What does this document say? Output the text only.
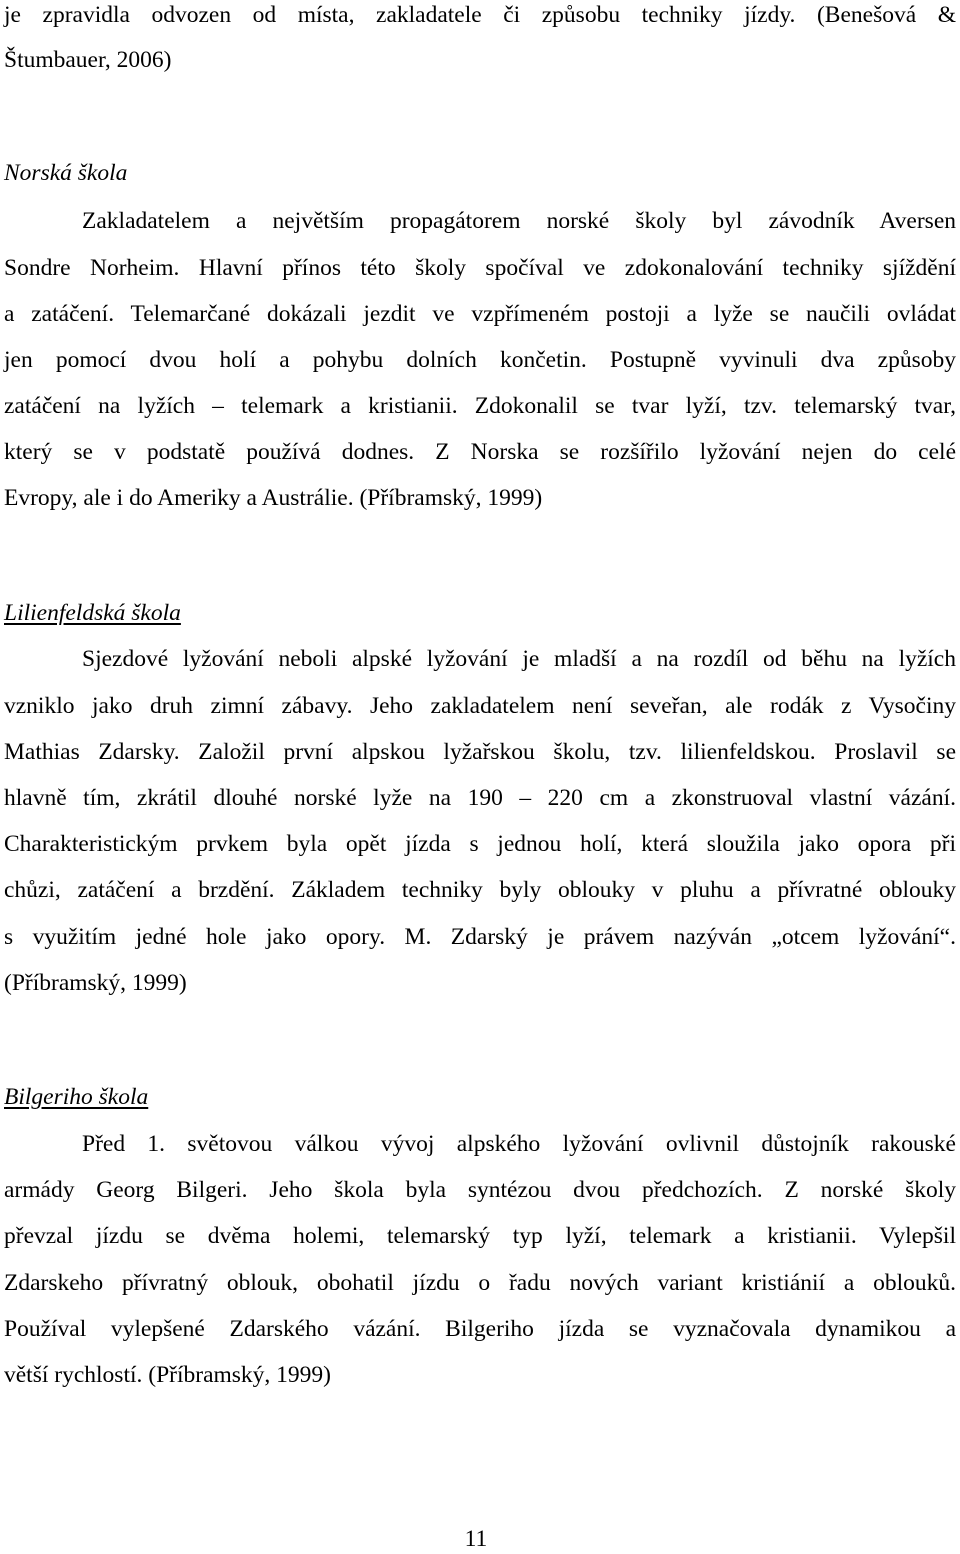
je zpravidla odvozen od místa, zakladatele či způsobu techniky jízdy. (Benešová &
Štumbauer, 2006)
Norská škola
Zakladatelem a největším propagátorem norské školy byl závodník Aversen
Sondre Norheim. Hlavní přínos této školy spočíval ve zdokonalování techniky sjíždění
a zatáčení. Telemarčané dokázali jezdit ve vzpřímeném postoji a lyže se naučili ovládat
jen pomocí dvou holí a pohybu dolních končetin. Postupně vyvinuli dva způsoby
zatáčení na lyžích – telemark a kristianii. Zdokonalil se tvar lyží, tzv. telemarský tvar,
který se v podstatě používá dodnes. Z Norska se rozšířilo lyžování nejen do celé
Evropy, ale i do Ameriky a Austrálie. (Příbramský, 1999)
Lilienfeldská škola
Sjezdové lyžování neboli alpské lyžování je mladší a na rozdíl od běhu na lyžích
vzniklo jako druh zimní zábavy. Jeho zakladatelem není seveřan, ale rodák z Vysočiny
Mathias Zdarsky. Založil první alpskou lyžařskou školu, tzv. lilienfeldskou. Proslavil se
hlavně tím, zkrátil dlouhé norské lyže na 190 – 220 cm a zkonstruoval vlastní vázání.
Charakteristickým prvkem byla opět jízda s jednou holí, která sloužila jako opora při
chůzi, zatáčení a brzdění. Základem techniky byly oblouky v pluhu a přívratné oblouky
s využitím jedné hole jako opory. M. Zdarský je právem nazýván „otcem lyžování“.
(Příbramský, 1999)
Bilgeriho škola
Před 1. světovou válkou vývoj alpského lyžování ovlivnil důstojník rakouské
armády Georg Bilgeri. Jeho škola byla syntézou dvou předchozích. Z norské školy
převzal jízdu se dvěma holemi, telemarský typ lyží, telemark a kristianii. Vylepšil
Zdarskeho přívratný oblouk, obohatil jízdu o řadu nových variant kristiánií a oblouků.
Používal vylepšené Zdarského vázání. Bilgeriho jízda se vyznačovala dynamikou a
větší rychlostí. (Příbramský, 1999)
11
